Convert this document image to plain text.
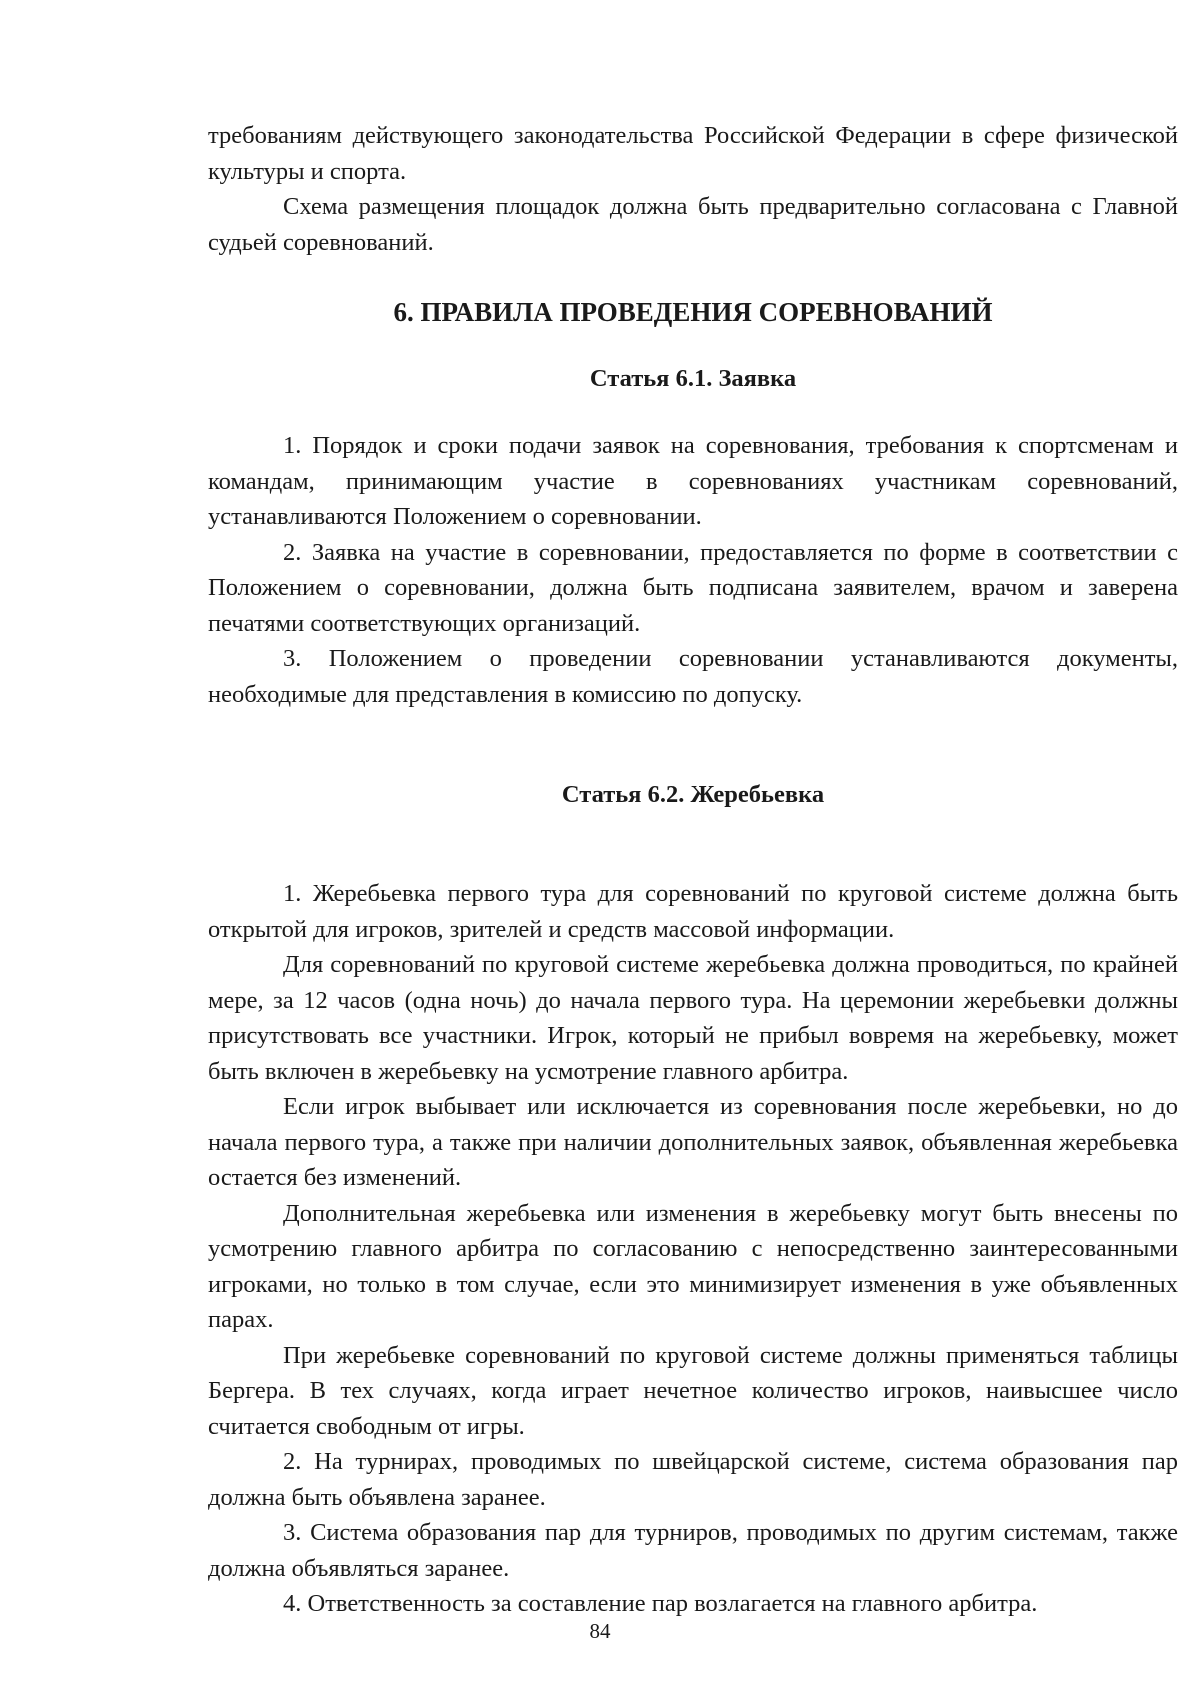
требованиям действующего законодательства Российской Федерации в сфере физической культуры и спорта.

Схема размещения площадок должна быть предварительно согласована с Главной судьей соревнований.

6. ПРАВИЛА ПРОВЕДЕНИЯ СОРЕВНОВАНИЙ
Статья 6.1. Заявка

1. Порядок и сроки подачи заявок на соревнования, требования к спортсменам и командам, принимающим участие в соревнованиях участникам соревнований, устанавливаются Положением о соревновании.

2. Заявка на участие в соревновании, предоставляется по форме в соответствии с Положением о соревновании, должна быть подписана заявителем, врачом и заверена печатями соответствующих организаций.

3. Положением о проведении соревновании устанавливаются документы, необходимые для представления в комиссию по допуску.

Статья 6.2. Жеребьевка

1. Жеребьевка первого тура для соревнований по круговой системе должна быть открытой для игроков, зрителей и средств массовой информации.

Для соревнований по круговой системе жеребьевка должна проводиться, по крайней мере, за 12 часов (одна ночь) до начала первого тура. На церемонии жеребьевки должны присутствовать все участники. Игрок, который не прибыл вовремя на жеребьевку, может быть включен в жеребьевку на усмотрение главного арбитра.

Если игрок выбывает или исключается из соревнования после жеребьевки, но до начала первого тура, а также при наличии дополнительных заявок, объявленная жеребьевка остается без изменений.

Дополнительная жеребьевка или изменения в жеребьевку могут быть внесены по усмотрению главного арбитра по согласованию с непосредственно заинтересованными игроками, но только в том случае, если это минимизирует изменения в уже объявленных парах.

При жеребьевке соревнований по круговой системе должны применяться таблицы Бергера. В тех случаях, когда играет нечетное количество игроков, наивысшее число считается свободным от игры.

2. На турнирах, проводимых по швейцарской системе, система образования пар должна быть объявлена заранее.

3. Система образования пар для турниров, проводимых по другим системам, также должна объявляться заранее.

4. Ответственность за составление пар возлагается на главного арбитра.

84
